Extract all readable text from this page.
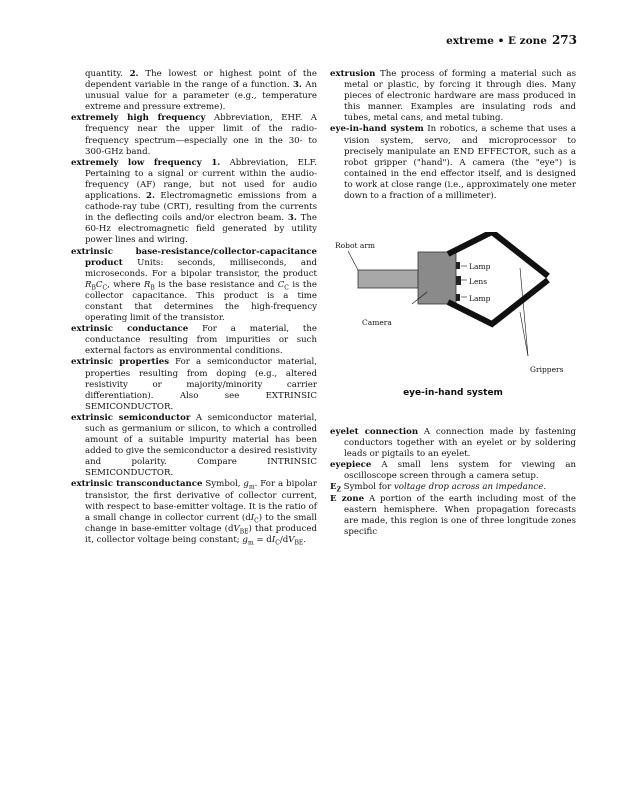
extreme • E zone 273

quantity. 2. The lowest or highest point of the dependent variable in the range of a function. 3. An unusual value for a parameter (e.g., temperature extreme and pressure extreme).

extremely high frequency Abbreviation, EHF. A frequency near the upper limit of the radio-frequency spectrum—especially one in the 30- to 300-GHz band.

extremely low frequency 1. Abbreviation, ELF. Pertaining to a signal or current within the audio-frequency (AF) range, but not used for audio applications. 2. Electromagnetic emissions from a cathode-ray tube (CRT), resulting from the currents in the deflecting coils and/or electron beam. 3. The 60-Hz electromagnetic field generated by utility power lines and wiring.

extrinsic base-resistance/collector-capacitance product Units: seconds, milliseconds, and microseconds. For a bipolar transistor, the product $R_BC_C$, where $R_B$ is the base resistance and $C_C$ is the collector capacitance. This product is a time constant that determines the high-frequency operating limit of the transistor.

extrinsic conductance For a material, the conductance resulting from impurities or such external factors as environmental conditions.

extrinsic properties For a semiconductor material, properties resulting from doping (e.g., altered resistivity or majority/minority carrier differentiation). Also see EXTRINSIC SEMICONDUCTOR.

extrinsic semiconductor A semiconductor material, such as germanium or silicon, to which a controlled amount of a suitable impurity material has been added to give the semiconductor a desired resistivity and polarity. Compare INTRINSIC SEMICONDUCTOR.

extrinsic transconductance Symbol, $g_m$. For a bipolar transistor, the first derivative of collector current, with respect to base-emitter voltage. It is the ratio of a small change in collector current $(dI_C)$ to the small change in base-emitter voltage $(dV_{BE})$ that produced it, collector voltage being constant; $g_m = dI_C/dV_{BE}$.

extrusion The process of forming a material such as metal or plastic, by forcing it through dies. Many pieces of electronic hardware are mass produced in this manner. Examples are insulating rods and tubes, metal cans, and metal tubing.

eye-in-hand system In robotics, a scheme that uses a vision system, servo, and microprocessor to precisely manipulate an END EFFECTOR, such as a robot gripper ("hand"). A camera (the "eye") is contained in the end effector itself, and is designed to work at close range (i.e., approximately one meter down to a fraction of a millimeter).

Robot arm
Lamp
Lens
Lamp
Camera
Grippers
eye-in-hand system

eyelet connection A connection made by fastening conductors together with an eyelet or by soldering leads or pigtails to an eyelet.

eyepiece A small lens system for viewing an oscilloscope screen through a camera setup.

$E_Z$ Symbol for voltage drop across an impedance.

E zone A portion of the earth including most of the eastern hemisphere. When propagation forecasts are made, this region is one of three longitude zones specific
